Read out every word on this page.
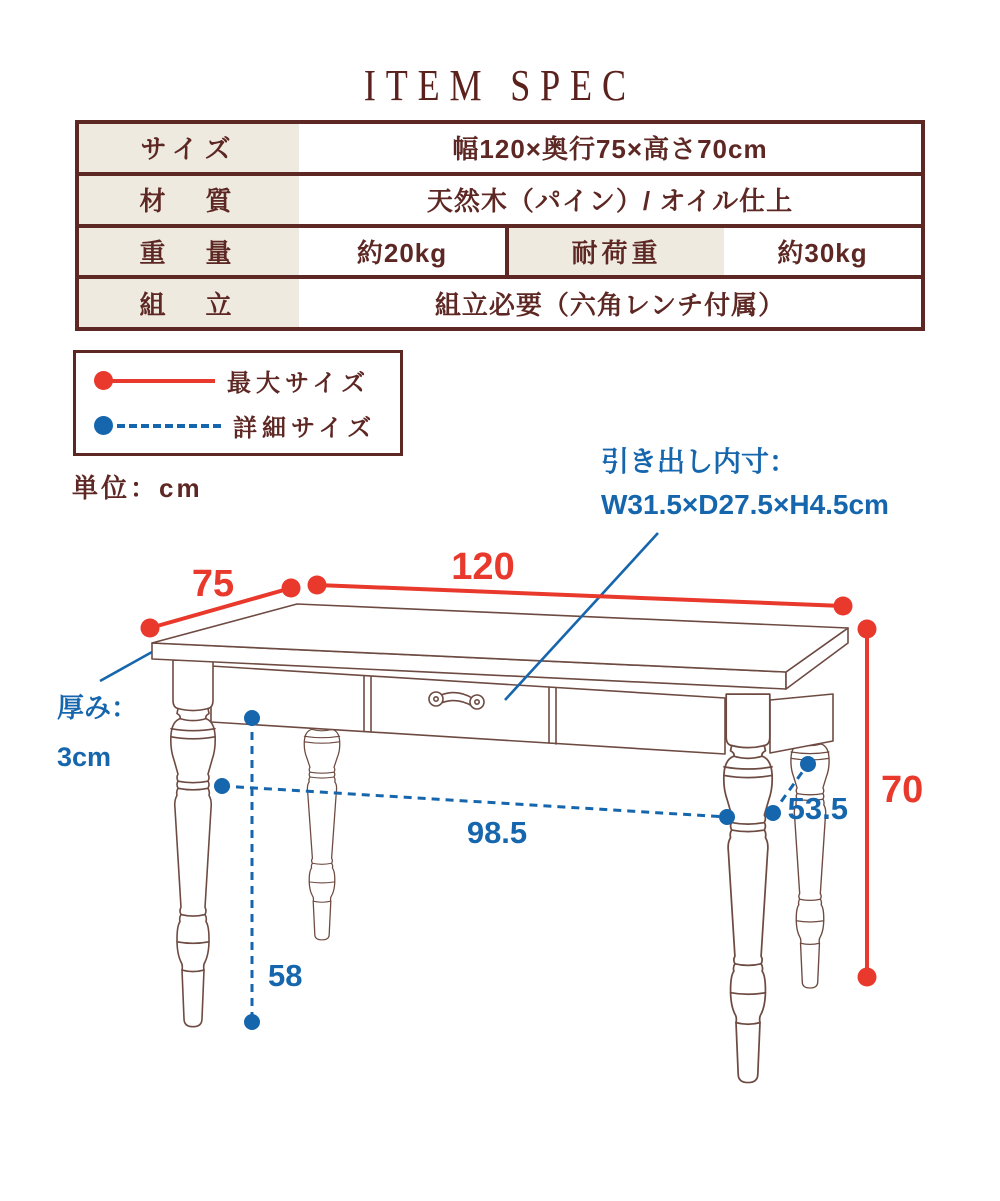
ITEM SPEC
サイズ	幅120×奥行75×高さ70cm
材　質	天然木（パイン）/ オイル仕上
重　量	約20kg	耐荷重	約30kg
組　立	組立必要（六角レンチ付属）
最大サイズ
詳細サイズ
単位：cm
引き出し内寸：
W31.5×D27.5×H4.5cm
厚み：
3cm
75	120
70
98.5
53.5
58
